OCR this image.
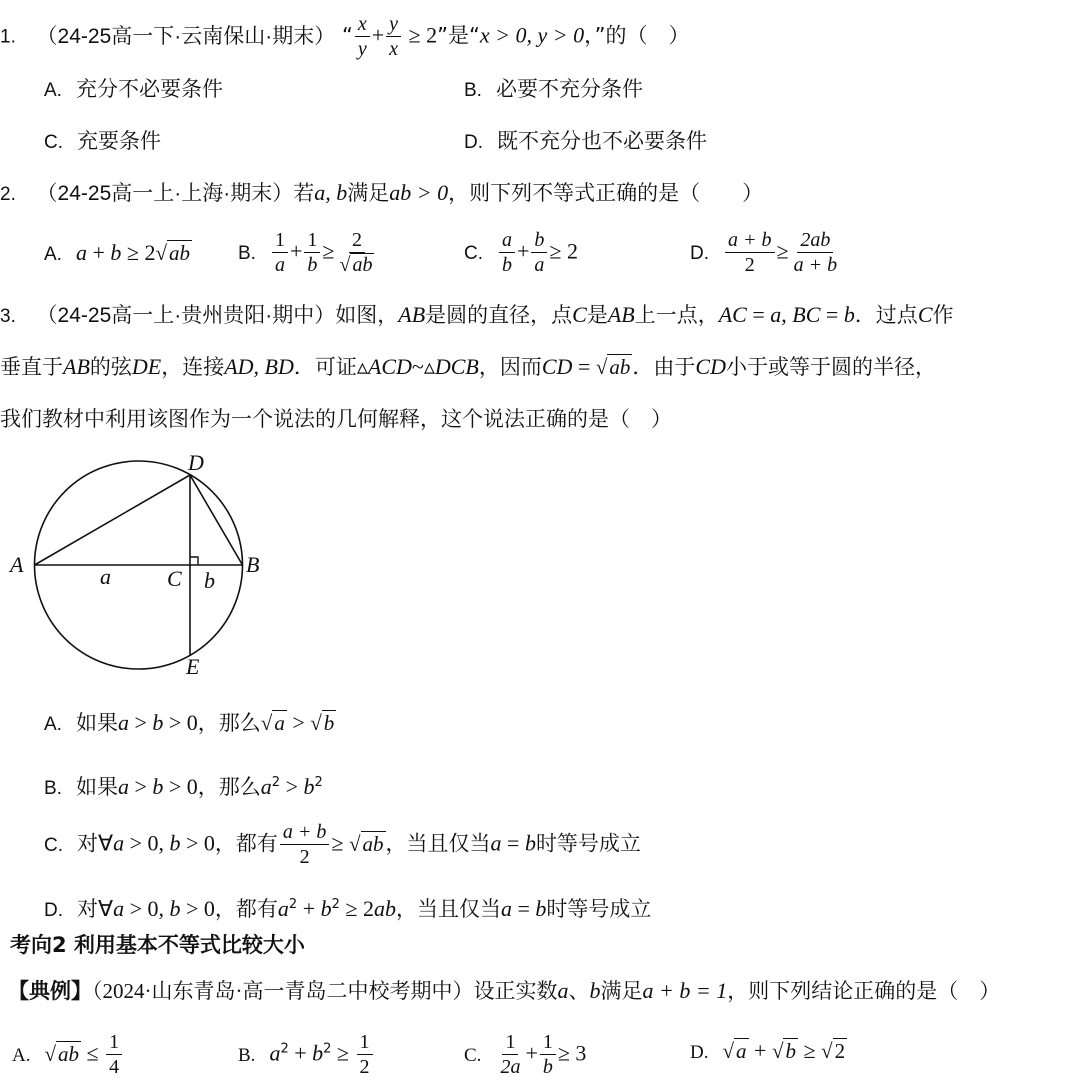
1. （24-25高一下·云南保山·期末） “ $\frac{x}{y} + \frac{y}{x} \ge 2$”是“x > 0, y > 0，”的（　）
A. 充分不必要条件	B. 必要不充分条件
C. 充要条件	D. 既不充分也不必要条件
2. （24-25高一上·上海·期末）若a, b满足ab > 0，则下列不等式正确的是（　　）
A. a + b ≥ 2√ab	B. $\frac{1}{a} + \frac{1}{b} \ge \frac{2}{√ ab}$	C. $\frac{a}{b} + \frac{b}{a} \ge 2$	D. $\frac{a + b}{2} \ge \frac{2ab}{a + b}$
3. （24-25高一上·贵州贵阳·期中）如图，AB是圆的直径，点C是AB上一点，AC = a, BC = b．过点C作
垂直于AB的弦DE，连接AD, BD．可证▵ACD~▵DCB，因而CD = √ab．由于CD小于或等于圆的半径，
我们教材中利用该图作为一个说法的几何解释，这个说法正确的是（　）
D
A	B
C
E
a	b
A. 如果a > b > 0，那么√a > √b
B. 如果a > b > 0，那么$a^2 > b^2$
C. 对∀a > 0, b > 0，都有 $\frac{a + b}{2} \ge √ab$，当且仅当a = b时等号成立
D. 对∀a > 0, b > 0，都有$a^2 + b^2 \ge 2ab$，当且仅当a = b时等号成立
考向2 利用基本不等式比较大小
【典例】（2024·山东青岛·高一青岛二中校考期中）设正实数a、b满足a + b = 1，则下列结论正确的是（　）
A. $√ab \le \frac{1}{4}$	B. $a^2 + b^2 \ge \frac{1}{2}$	C. $\frac{1}{2a} + \frac{1}{b} \ge 3$	D. √a + √b ≥ √2
